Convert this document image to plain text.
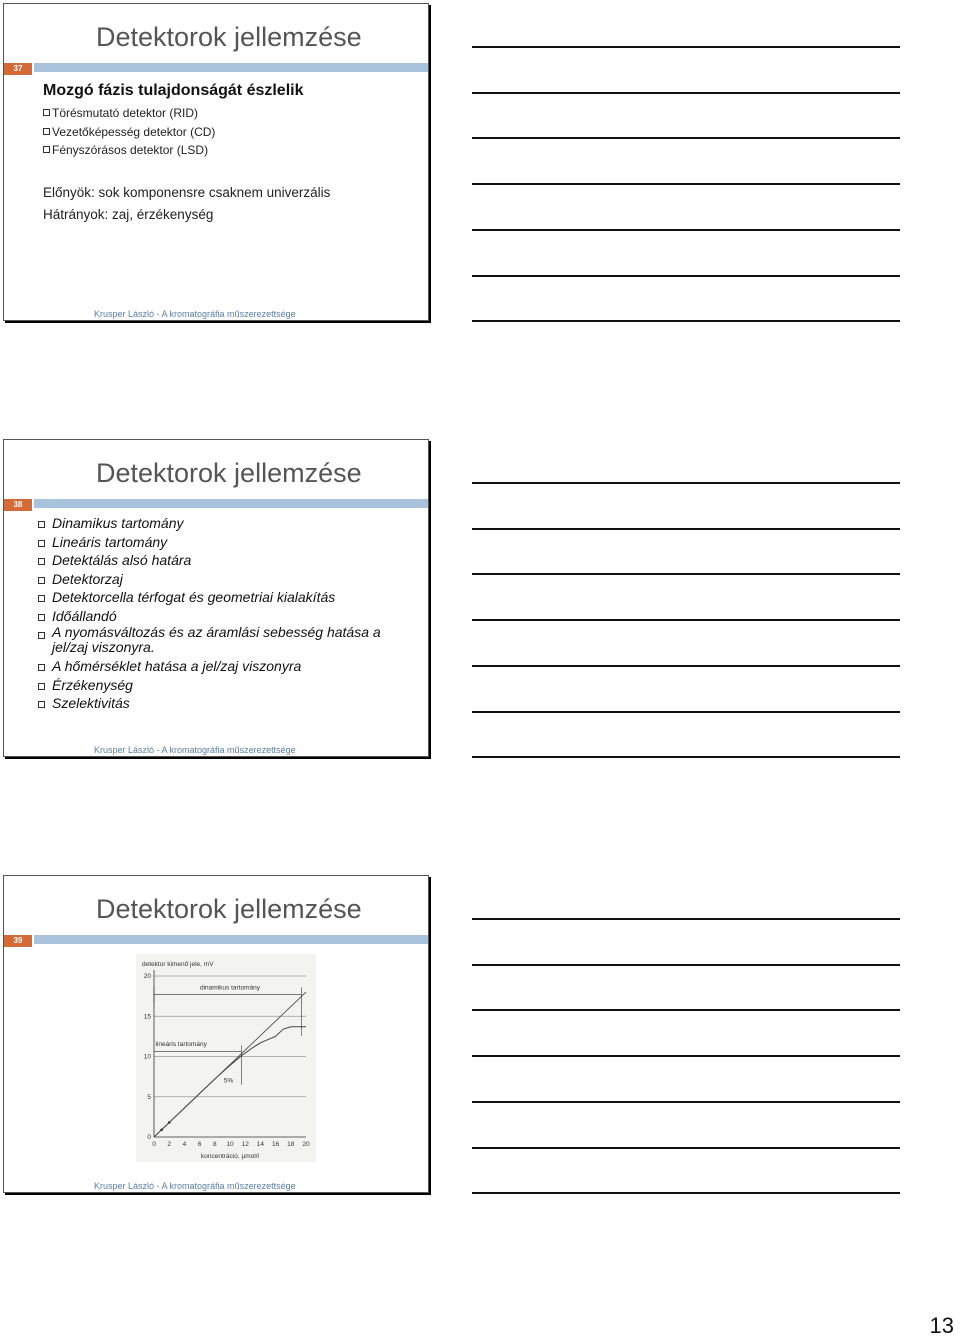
Detektorok jellemzése
37
Mozgó fázis tulajdonságát észlelik
Törésmutató detektor (RID)
Vezetőképesség detektor (CD)
Fényszórásos detektor (LSD)
Előnyök: sok komponensre csaknem univerzális
Hátrányok: zaj, érzékenység
Krusper László - A kromatográfia műszerezettsége
Detektorok jellemzése
38
Dinamikus tartomány
Lineáris tartomány
Detektálás alsó határa
Detektorzaj
Detektorcella térfogat és geometriai kialakítás
Időállandó
A nyomásváltozás és az áramlási sebesség hatása a jel/zaj viszonyra.
A hőmérséklet hatása a jel/zaj viszonyra
Érzékenység
Szelektivitás
Krusper László - A kromatográfia műszerezettsége
Detektorok jellemzése
39
detektor kimenő jele, mV
koncentráció, µmol/l
0 2 4 6 8 10 12 14 16 18 20
0
5
10
15
20
dinamikus tartomány
lineáris tartomány
5%
Krusper László - A kromatográfia műszerezettsége
13
